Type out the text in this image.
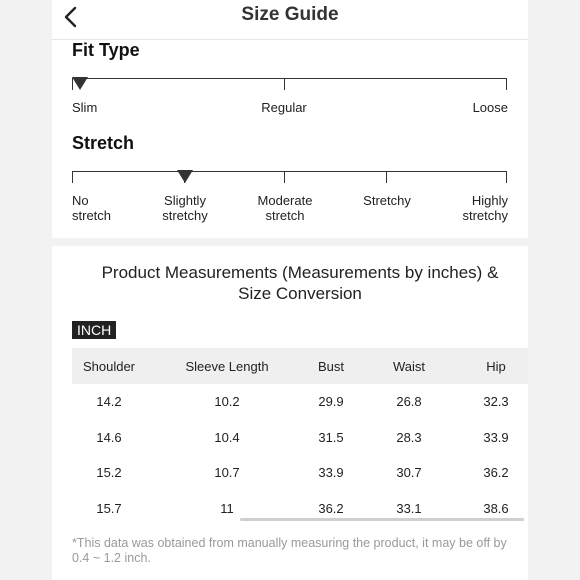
Size Guide
Fit Type
Slim	Regular	Loose
Stretch
No
stretch
Slightly
stretchy
Moderate
stretch
Stretchy	Highly
stretchy
Product Measurements (Measurements by inches) & Size Conversion
INCH
Shoulder	Sleeve Length	Bust	Waist	Hip
14.2	10.2	29.9	26.8	32.3
14.6	10.4	31.5	28.3	33.9
15.2	10.7	33.9	30.7	36.2
15.7	11	36.2	33.1	38.6
*This data was obtained from manually measuring the product, it may be off by 0.4 ~ 1.2 inch.
